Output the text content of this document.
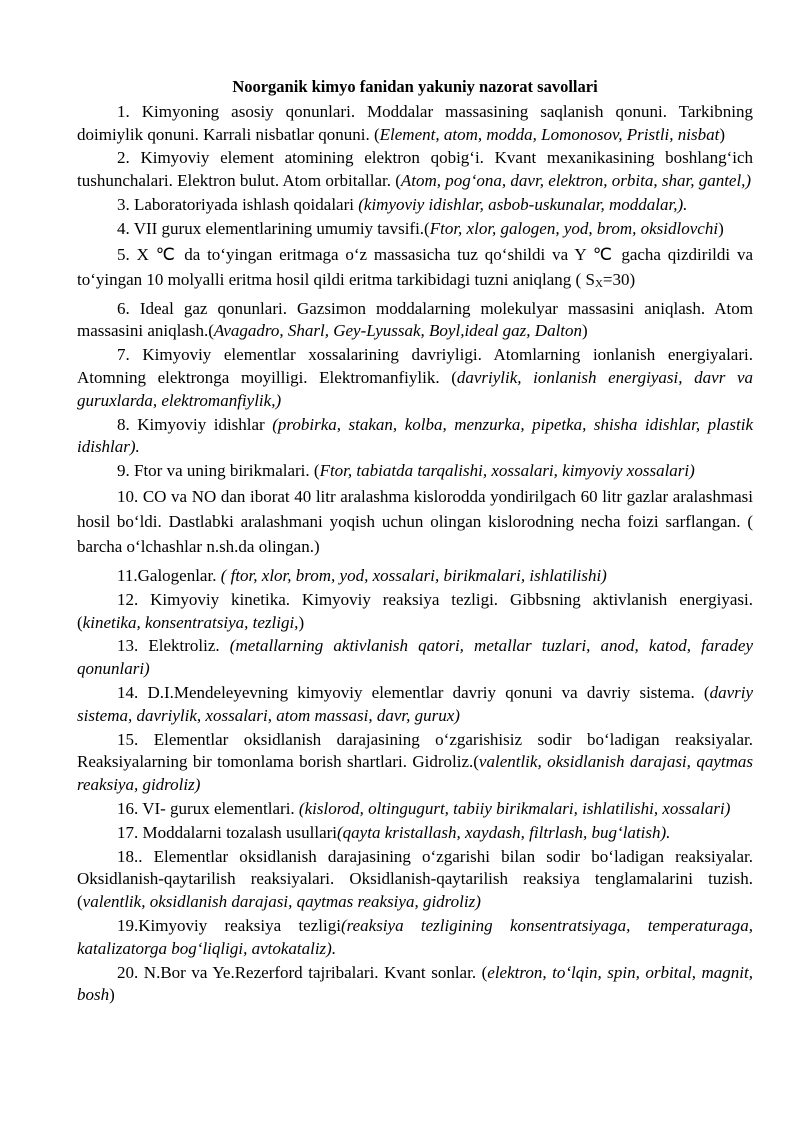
Noorganik kimyo fanidan yakuniy nazorat savollari

1. Kimyoning asosiy qonunlari. Moddalar massasining saqlanish qonuni. Tarkibning doimiylik qonuni. Karrali nisbatlar qonuni. (Element, atom, modda, Lomonosov, Pristli, nisbat)

2. Kimyoviy element atomining elektron qobig‘i. Kvant mexanikasining boshlang‘ich tushunchalari. Elektron bulut. Atom orbitallar. (Atom, pog‘ona, davr, elektron, orbita, shar, gantel,)

3. Laboratoriyada ishlash qoidalari (kimyoviy idishlar, asbob-uskunalar, moddalar,).

4. VII gurux elementlarining umumiy tavsifi.(Ftor, xlor, galogen, yod, brom, oksidlovchi)

5. X ℃ da to‘yingan eritmaga o‘z massasicha tuz qo‘shildi va Y ℃ gacha qizdirildi va to‘yingan 10 molyalli eritma hosil qildi eritma tarkibidagi tuzni aniqlang ( $S_X=30$)

6. Ideal gaz qonunlari. Gazsimon moddalarning molekulyar massasini aniqlash. Atom massasini aniqlash.(Avagadro, Sharl, Gey-Lyussak, Boyl,ideal gaz, Dalton)

7. Kimyoviy elementlar xossalarining davriyligi. Atomlarning ionlanish energiyalari. Atomning elektronga moyilligi. Elektromanfiylik. (davriylik, ionlanish energiyasi, davr va guruxlarda, elektromanfiylik,)

8. Kimyoviy idishlar (probirka, stakan, kolba, menzurka, pipetka, shisha idishlar, plastik idishlar).

9. Ftor va uning birikmalari. (Ftor, tabiatda tarqalishi, xossalari, kimyoviy xossalari)

10. CO va NO dan iborat 40 litr aralashma kislorodda yondirilgach 60 litr gazlar aralashmasi hosil bo‘ldi. Dastlabki aralashmani yoqish uchun olingan kislorodning necha foizi sarflangan. ( barcha o‘lchashlar n.sh.da olingan.)

11.Galogenlar. ( ftor, xlor, brom, yod, xossalari, birikmalari, ishlatilishi)

12. Kimyoviy kinetika. Kimyoviy reaksiya tezligi. Gibbsning aktivlanish energiyasi. (kinetika, konsentratsiya, tezligi,)

13. Elektroliz. (metallarning aktivlanish qatori, metallar tuzlari, anod, katod, faradey qonunlari)

14. D.I.Mendeleyevning kimyoviy elementlar davriy qonuni va davriy sistema. (davriy sistema, davriylik, xossalari, atom massasi, davr, gurux)

15. Elementlar oksidlanish darajasining o‘zgarishisiz sodir bo‘ladigan reaksiyalar. Reaksiyalarning bir tomonlama borish shartlari. Gidroliz.(valentlik, oksidlanish darajasi, qaytmas reaksiya, gidroliz)

16. VI- gurux elementlari. (kislorod, oltingugurt, tabiiy birikmalari, ishlatilishi, xossalari)

17. Moddalarni tozalash usullari(qayta kristallash, xaydash, filtrlash, bug‘latish).

18.. Elementlar oksidlanish darajasining o‘zgarishi bilan sodir bo‘ladigan reaksiyalar. Oksidlanish-qaytarilish reaksiyalari. Oksidlanish-qaytarilish reaksiya tenglamalarini tuzish. (valentlik, oksidlanish darajasi, qaytmas reaksiya, gidroliz)

19.Kimyoviy reaksiya tezligi(reaksiya tezligining konsentratsiyaga, temperaturaga, katalizatorga bog‘liqligi, avtokataliz).

20. N.Bor va Ye.Rezerford tajribalari. Kvant sonlar. (elektron, to‘lqin, spin, orbital, magnit, bosh)
